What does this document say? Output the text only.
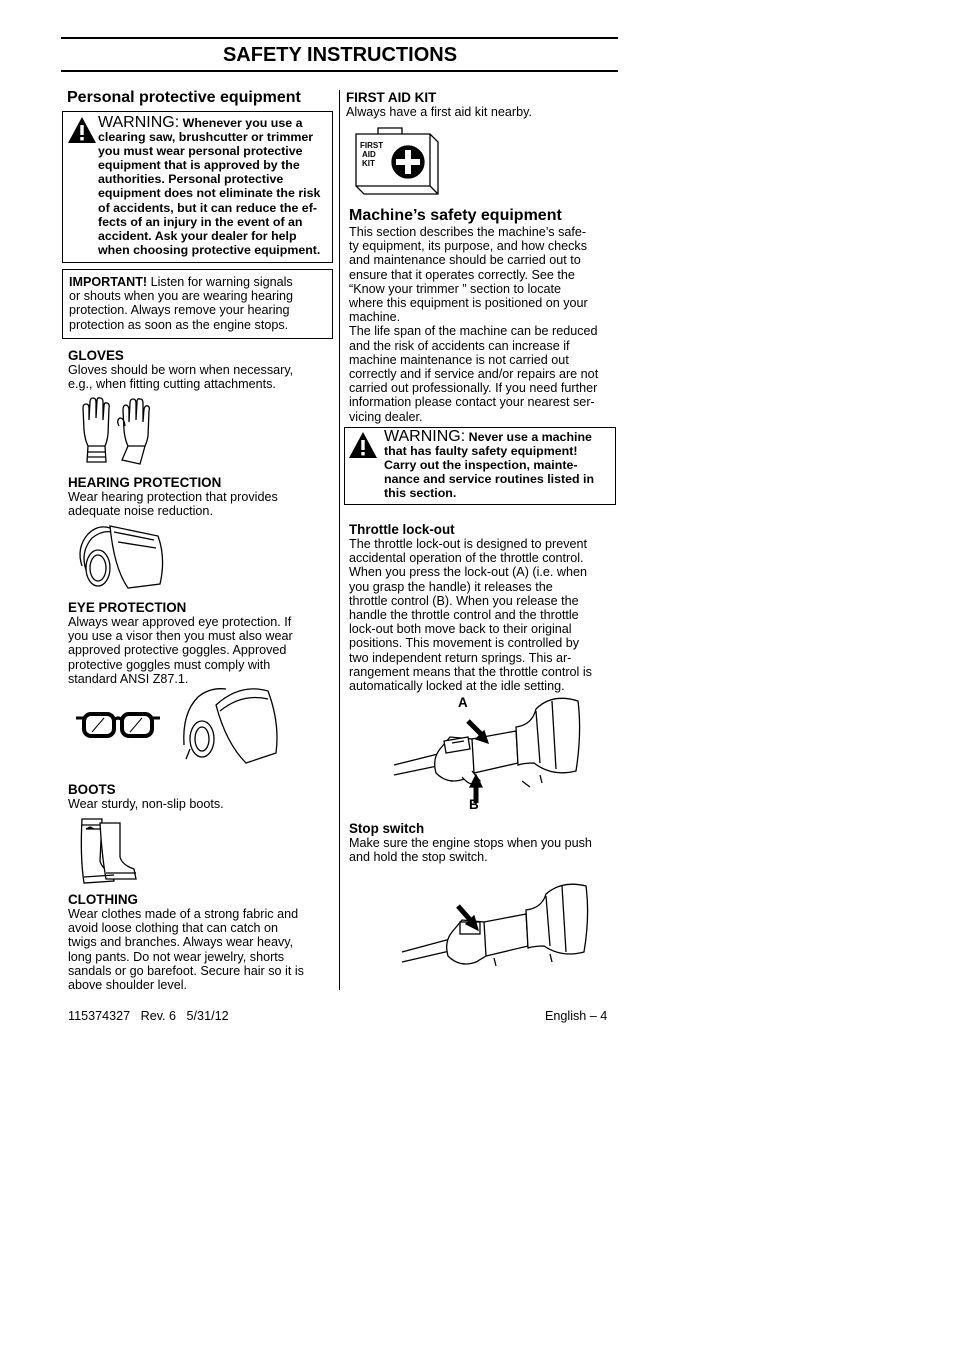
SAFETY INSTRUCTIONS
Personal protective equipment
WARNING: Whenever you use a
clearing saw, brushcutter or trimmer
you must wear personal protective
equipment that is approved by the
authorities. Personal protective
equipment does not eliminate the risk
of accidents, but it can reduce the ef-
fects of an injury in the event of an
accident. Ask your dealer for help
when choosing protective equipment.
IMPORTANT! Listen for warning signals
or shouts when you are wearing hearing
protection. Always remove your hearing
protection as soon as the engine stops.
GLOVES
Gloves should be worn when necessary,
e.g., when fitting cutting attachments.
HEARING PROTECTION
Wear hearing protection that provides
adequate noise reduction.
EYE PROTECTION
Always wear approved eye protection. If
you use a visor then you must also wear
approved protective goggles. Approved
protective goggles must comply with
standard ANSI Z87.1.
BOOTS
Wear sturdy, non-slip boots.
CLOTHING
Wear clothes made of a strong fabric and
avoid loose clothing that can catch on
twigs and branches. Always wear heavy,
long pants. Do not wear jewelry, shorts
sandals or go barefoot. Secure hair so it is
above shoulder level.
FIRST AID KIT
Always have a first aid kit nearby.
FIRST
AID
KIT
Machine’s safety equipment
This section describes the machine’s safe-
ty equipment, its purpose, and how checks
and maintenance should be carried out to
ensure that it operates correctly. See the
“Know your trimmer ” section to locate
where this equipment is positioned on your
machine.
The life span of the machine can be reduced
and the risk of accidents can increase if
machine maintenance is not carried out
correctly and if service and/or repairs are not
carried out professionally. If you need further
information please contact your nearest ser-
vicing dealer.
WARNING: Never use a machine
that has faulty safety equipment!
Carry out the inspection, mainte-
nance and service routines listed in
this section.
Throttle lock-out
The throttle lock-out is designed to prevent
accidental operation of the throttle control.
When you press the lock-out (A) (i.e. when
you grasp the handle) it releases the
throttle control (B). When you release the
handle the throttle control and the throttle
lock-out both move back to their original
positions. This movement is controlled by
two independent return springs. This ar-
rangement means that the throttle control is
automatically locked at the idle setting.
A
B
Stop switch
Make sure the engine stops when you push
and hold the stop switch.
115374327   Rev. 6   5/31/12	English – 4
